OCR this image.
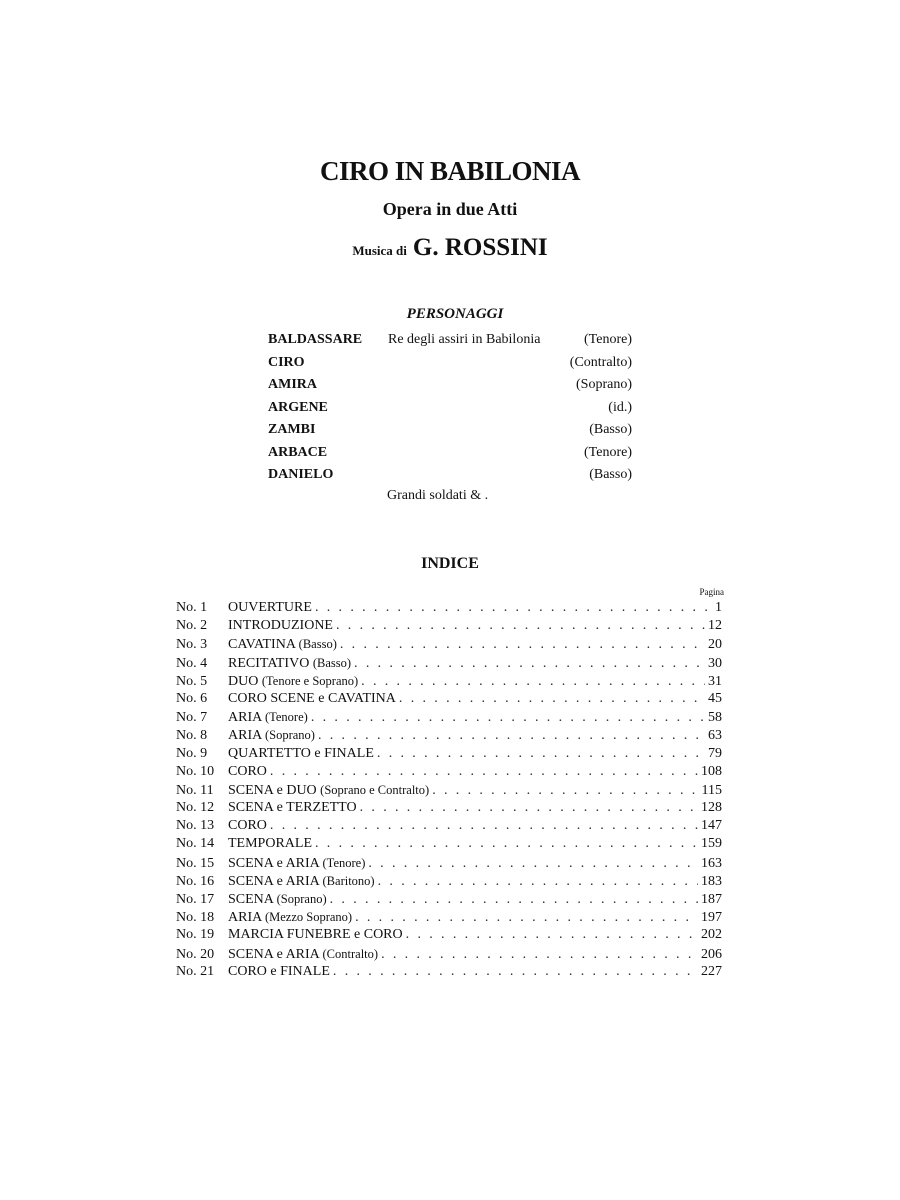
CIRO IN BABILONIA
Opera in due Atti
Musica di G. ROSSINI
PERSONAGGI
BALDASSARE Re degli assiri in Babilonia	(Tenore)
CIRO	(Contralto)
AMIRA	(Soprano)
ARGENE	(id.)
ZAMBI	(Basso)
ARBACE	(Tenore)
DANIELO	(Basso)
Grandi soldati & .
INDICE
Pagina
No. 1	OUVERTURE . . .	1
No. 2	INTRODUZIONE . . .	12
No. 3	CAVATINA (Basso) . . .	20
No. 4	RECITATIVO (Basso) . . .	30
No. 5	DUO (Tenore e Soprano) . . .	31
No. 6	CORO SCENE e CAVATINA . . .	45
No. 7	ARIA (Tenore) . . .	58
No. 8	ARIA (Soprano) . . .	63
No. 9	QUARTETTO e FINALE . . .	79
No. 10 CORO . . .	108
No. 11	SCENA e DUO (Soprano e Contralto) . . .	115
No. 12 SCENA e TERZETTO . . .	128
No. 13 CORO . . .	147
No. 14 TEMPORALE . . .	159
No. 15 SCENA e ARIA (Tenore) . . .	163
No. 16 SCENA e ARIA (Baritono) . . .	183
No. 17 SCENA (Soprano) . . .	187
No. 18 ARIA (Mezzo Soprano) . . .	197
No. 19 MARCIA FUNEBRE e CORO . . .	202
No. 20 SCENA e ARIA (Contralto) . . .	206
No. 21 CORO e FINALE . . .	227
